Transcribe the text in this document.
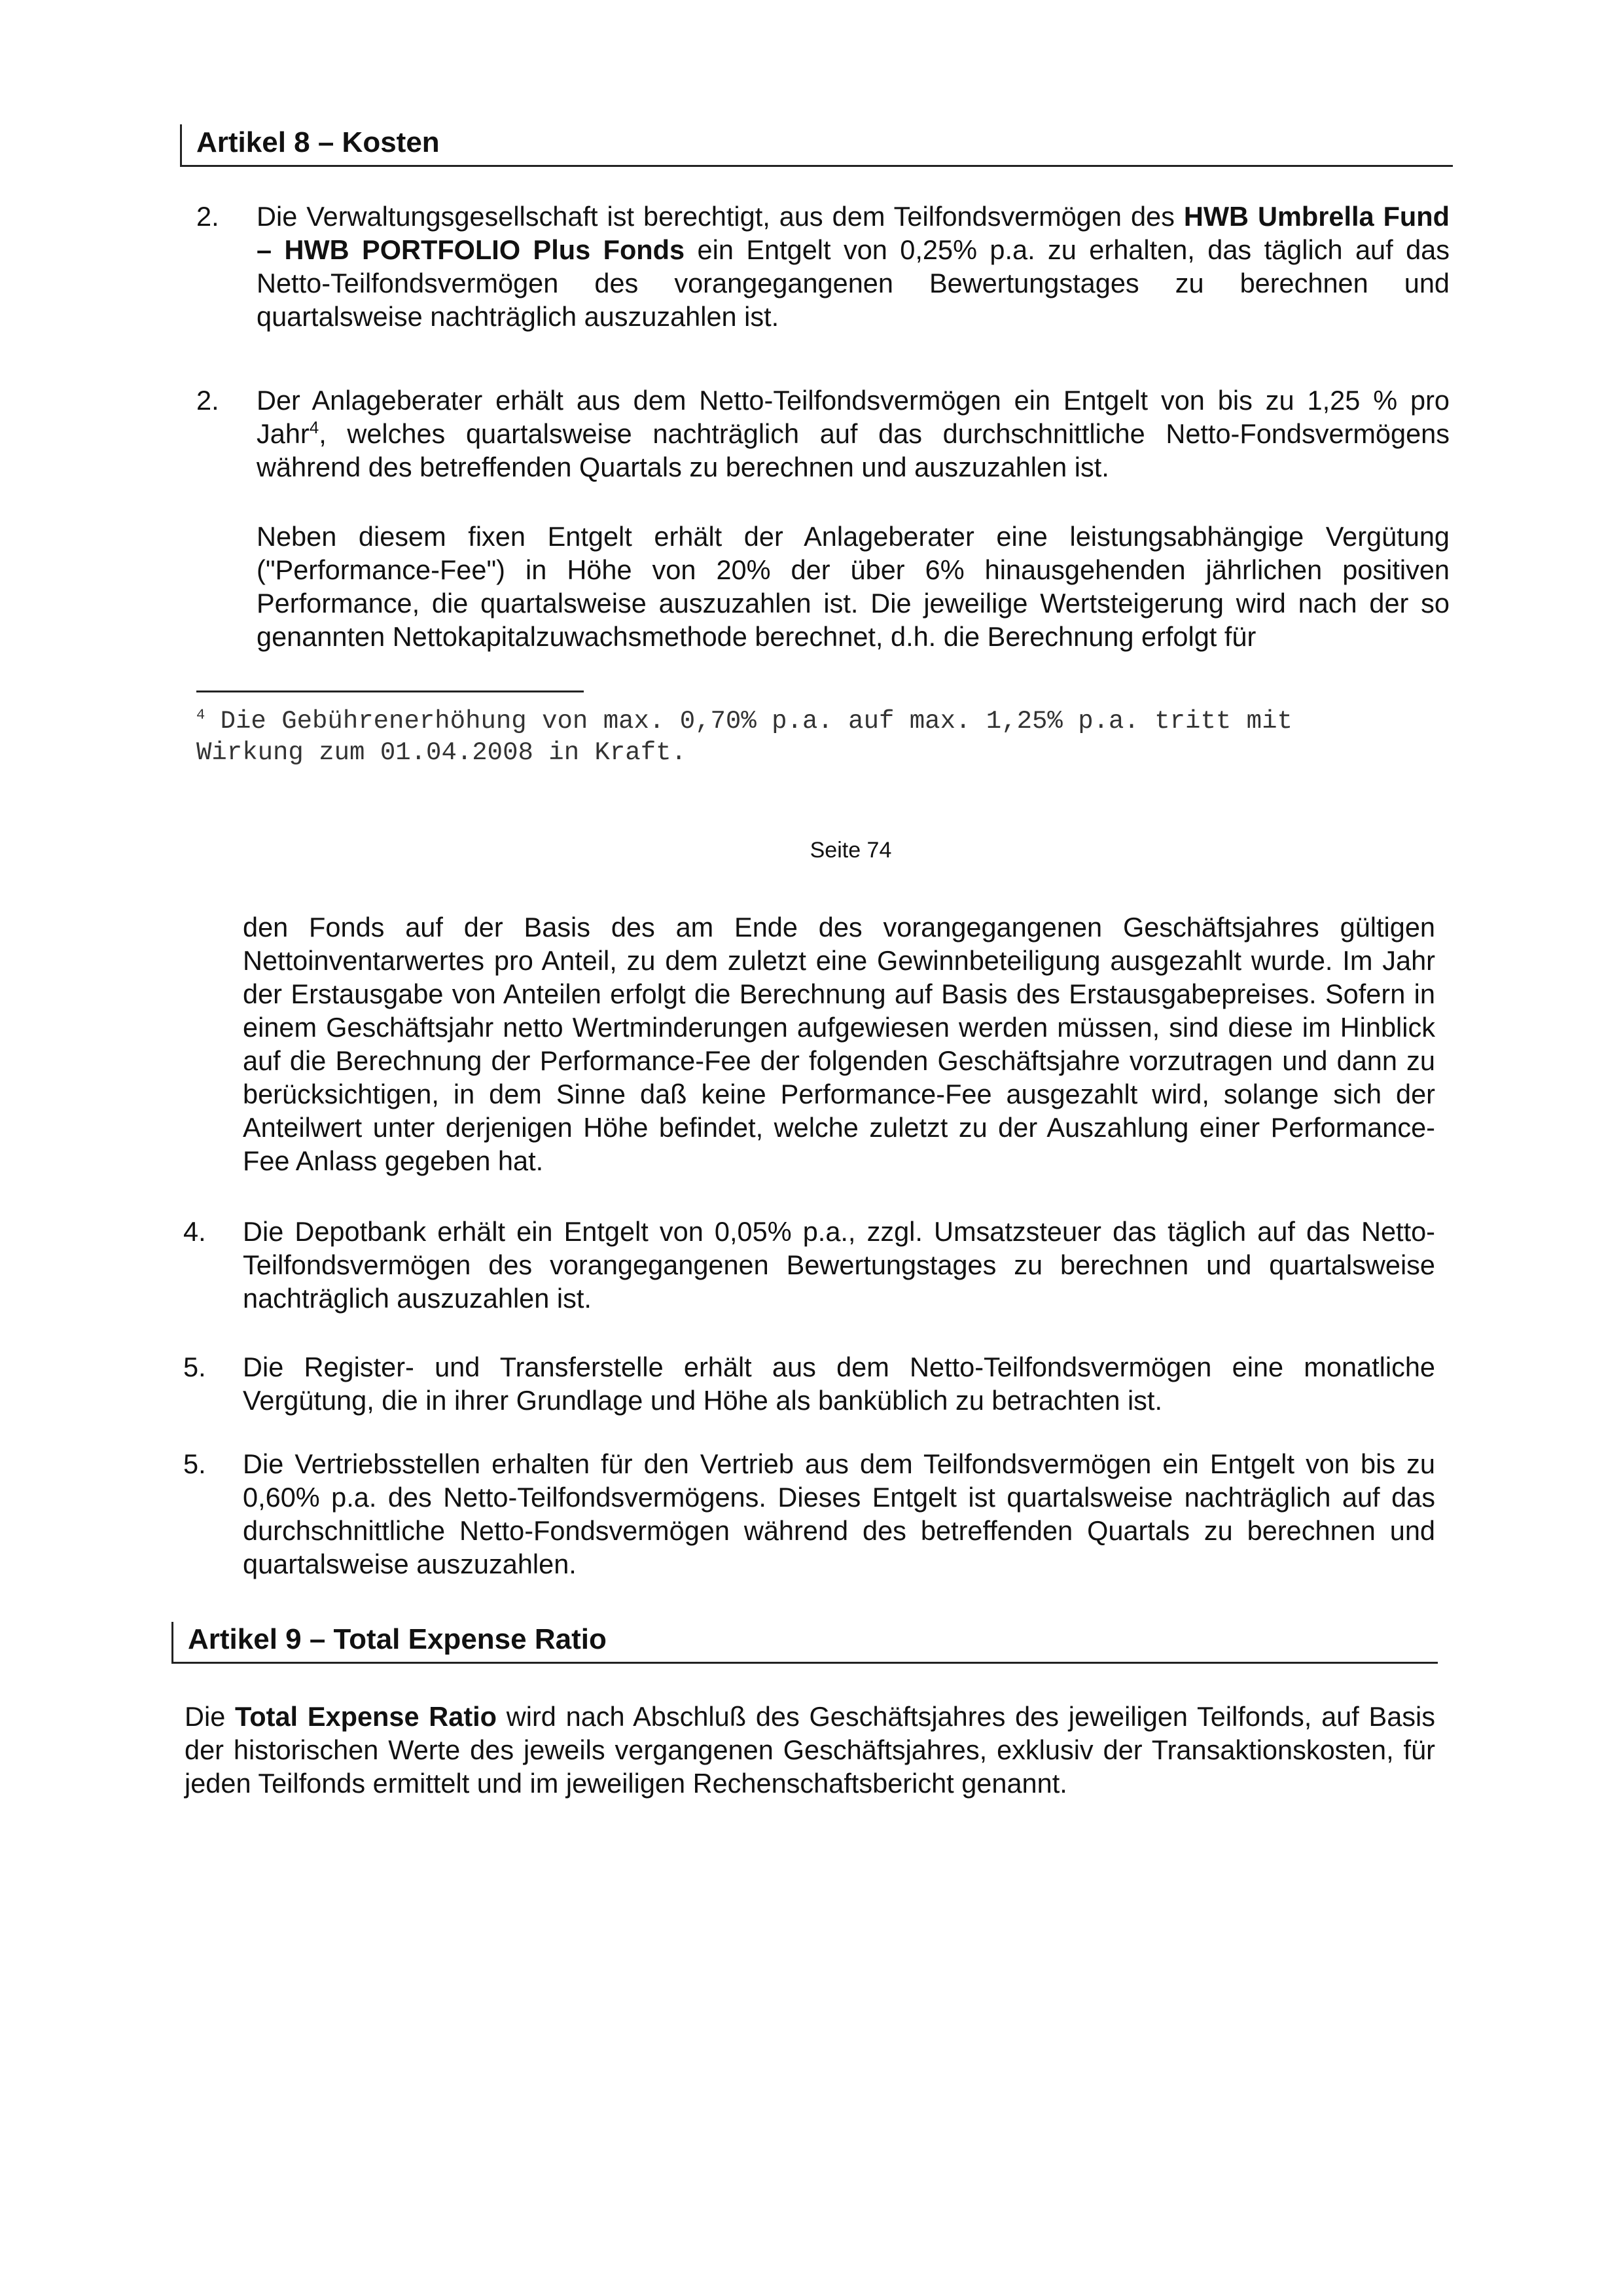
Artikel 8 – Kosten
2. Die Verwaltungsgesellschaft ist berechtigt, aus dem Teilfondsvermögen des HWB Umbrella Fund – HWB PORTFOLIO Plus Fonds ein Entgelt von 0,25% p.a. zu erhalten, das täglich auf das Netto-Teilfondsvermögen des vorangegangenen Bewertungstages zu berechnen und quartalsweise nachträglich auszuzahlen ist.
2. Der Anlageberater erhält aus dem Netto-Teilfondsvermögen ein Entgelt von bis zu 1,25 % pro Jahr$^4$, welches quartalsweise nachträglich auf das durchschnittliche Netto-Fondsvermögens während des betreffenden Quartals zu berechnen und auszuzahlen ist.
Neben diesem fixen Entgelt erhält der Anlageberater eine leistungsabhängige Vergütung ("Performance-Fee") in Höhe von 20% der über 6% hinausgehenden jährlichen positiven Performance, die quartalsweise auszuzahlen ist. Die jeweilige Wertsteigerung wird nach der so genannten Nettokapitalzuwachsmethode berechnet, d.h. die Berechnung erfolgt für
$^4$ Die Gebührenerhöhung von max. 0,70% p.a. auf max. 1,25% p.a. tritt mit Wirkung zum 01.04.2008 in Kraft.
Seite 74
den Fonds auf der Basis des am Ende des vorangegangenen Geschäftsjahres gültigen Nettoinventarwertes pro Anteil, zu dem zuletzt eine Gewinnbeteiligung ausgezahlt wurde. Im Jahr der Erstausgabe von Anteilen erfolgt die Berechnung auf Basis des Erstausgabepreises. Sofern in einem Geschäftsjahr netto Wertminderungen aufgewiesen werden müssen, sind diese im Hinblick auf die Berechnung der Performance-Fee der folgenden Geschäftsjahre vorzutragen und dann zu berücksichtigen, in dem Sinne daß keine Performance-Fee ausgezahlt wird, solange sich der Anteilwert unter derjenigen Höhe befindet, welche zuletzt zu der Auszahlung einer Performance-Fee Anlass gegeben hat.
4. Die Depotbank erhält ein Entgelt von 0,05% p.a., zzgl. Umsatzsteuer das täglich auf das Netto-Teilfondsvermögen des vorangegangenen Bewertungstages zu berechnen und quartalsweise nachträglich auszuzahlen ist.
5. Die Register- und Transferstelle erhält aus dem Netto-Teilfondsvermögen eine monatliche Vergütung, die in ihrer Grundlage und Höhe als banküblich zu betrachten ist.
5. Die Vertriebsstellen erhalten für den Vertrieb aus dem Teilfondsvermögen ein Entgelt von bis zu 0,60% p.a. des Netto-Teilfondsvermögens. Dieses Entgelt ist quartalsweise nachträglich auf das durchschnittliche Netto-Fondsvermögen während des betreffenden Quartals zu berechnen und quartalsweise auszuzahlen.
Artikel 9 – Total Expense Ratio
Die Total Expense Ratio wird nach Abschluß des Geschäftsjahres des jeweiligen Teilfonds, auf Basis der historischen Werte des jeweils vergangenen Geschäftsjahres, exklusiv der Transaktionskosten, für jeden Teilfonds ermittelt und im jeweiligen Rechenschaftsbericht genannt.
